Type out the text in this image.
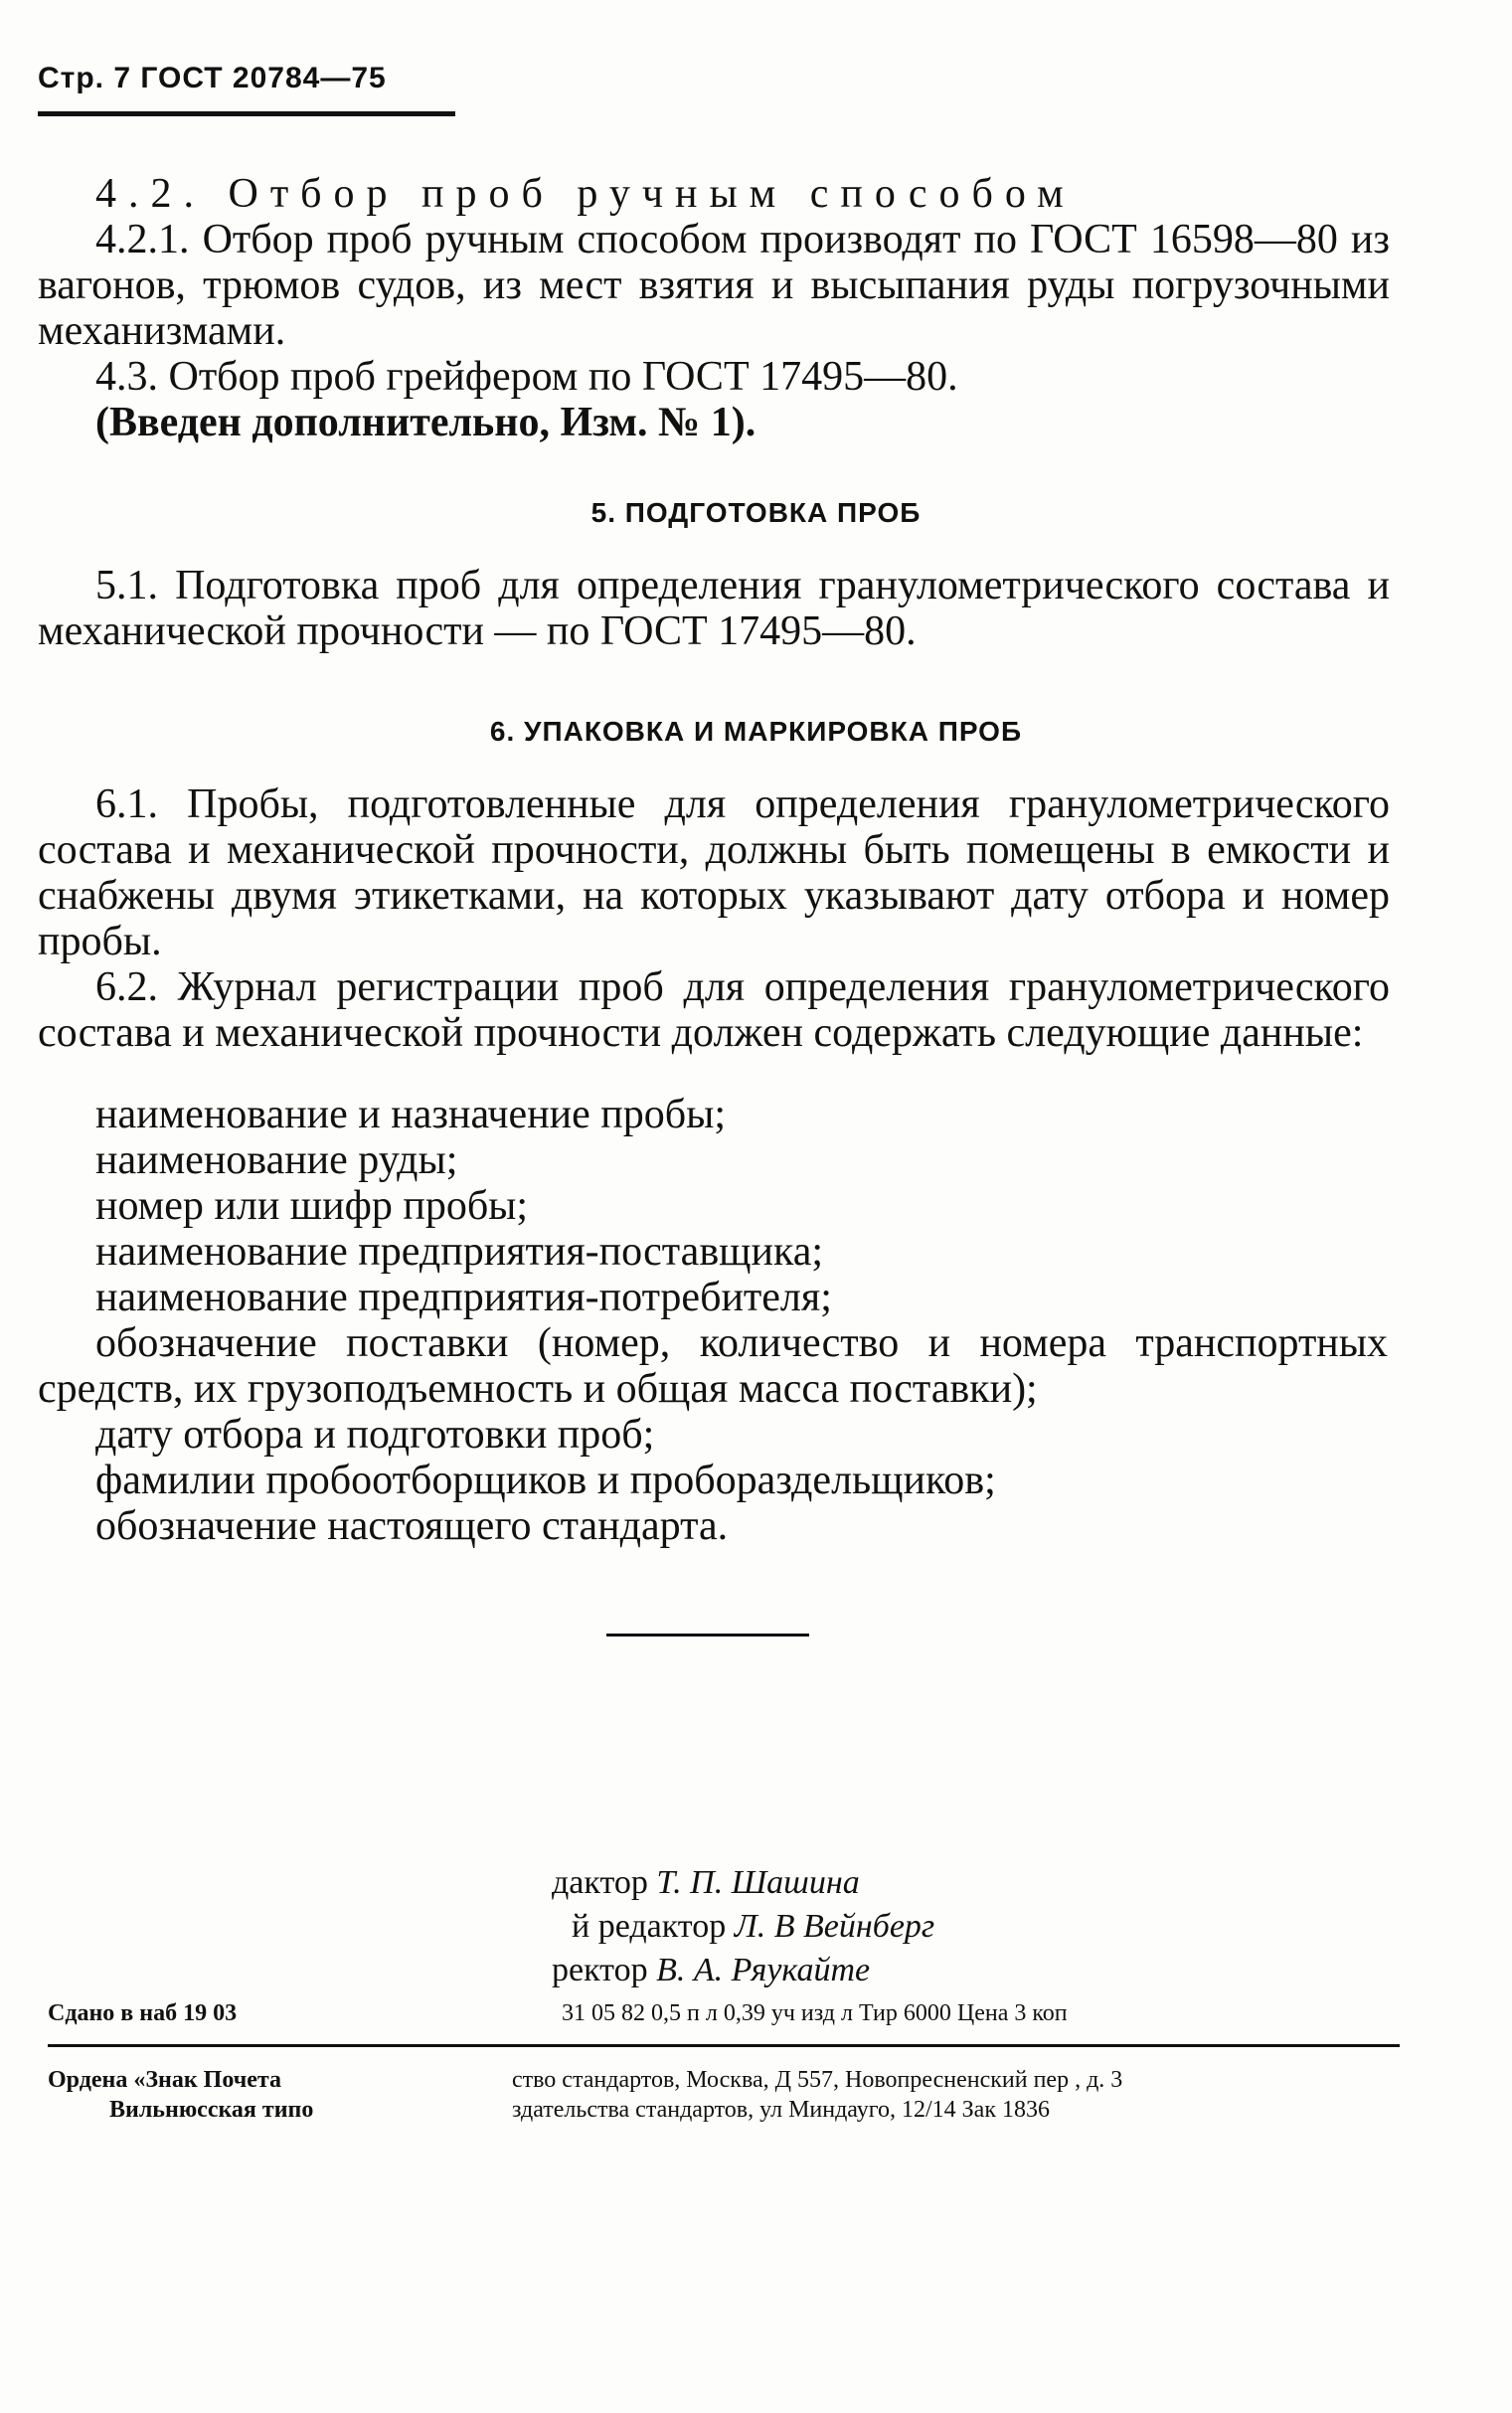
Стр. 7 ГОСТ 20784—75

4.2. Отбор проб ручным способом

4.2.1. Отбор проб ручным способом производят по ГОСТ 16598—80 из вагонов, трюмов судов, из мест взятия и высыпания руды погрузочными механизмами.

4.3. Отбор проб грейфером по ГОСТ 17495—80.

(Введен дополнительно, Изм. № 1).

5. ПОДГОТОВКА ПРОБ

5.1. Подготовка проб для определения гранулометрического состава и механической прочности — по ГОСТ 17495—80.

6. УПАКОВКА И МАРКИРОВКА ПРОБ

6.1. Пробы, подготовленные для определения гранулометрического состава и механической прочности, должны быть помещены в емкости и снабжены двумя этикетками, на которых указывают дату отбора и номер пробы.

6.2. Журнал регистрации проб для определения гранулометрического состава и механической прочности должен содержать следующие данные:

наименование и назначение пробы;

наименование руды;

номер или шифр пробы;

наименование предприятия-поставщика;

наименование предприятия-потребителя;

обозначение поставки (номер, количество и номера транспортных средств, их грузоподъемность и общая масса поставки);

дату отбора и подготовки проб;

фамилии пробоотборщиков и пробораздельщиков;

обозначение настоящего стандарта.

дактор Т. П. Шашина
й редактор Л. В Вейнберг
ректор В. А. Ряукайте
Сдано в наб 19 03	31 05 82 0,5 п л 0,39 уч изд л Тир 6000 Цена 3 коп
Ордена «Знак Почета
Вильнюсская типо
ство стандартов, Москва, Д 557, Новопресненский пер , д. 3
здательства стандартов, ул Миндауго, 12/14 Зак 1836
